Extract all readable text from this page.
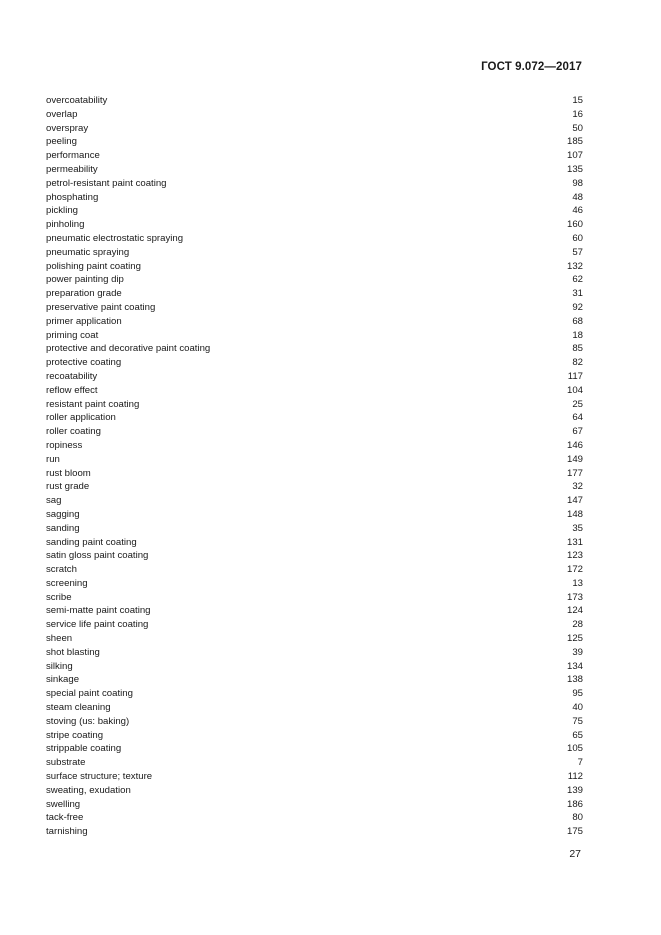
ГОСТ 9.072—2017
overcoatability	15
overlap	16
overspray	50
peeling	185
performance	107
permeability	135
petrol-resistant paint coating	98
phosphating	48
pickling	46
pinholing	160
pneumatic electrostatic spraying	60
pneumatic spraying	57
polishing paint coating	132
power painting dip	62
preparation grade	31
preservative paint coating	92
primer application	68
priming coat	18
protective and decorative paint coating	85
protective coating	82
recoatability	117
reflow effect	104
resistant paint coating	25
roller application	64
roller coating	67
ropiness	146
run	149
rust bloom	177
rust grade	32
sag	147
sagging	148
sanding	35
sanding paint coating	131
satin gloss paint coating	123
scratch	172
screening	13
scribe	173
semi-matte paint coating	124
service life paint coating	28
sheen	125
shot blasting	39
silking	134
sinkage	138
special paint coating	95
steam cleaning	40
stoving (us: baking)	75
stripe coating	65
strippable coating	105
substrate	7
surface structure; texture	112
sweating, exudation	139
swelling	186
tack-free	80
tarnishing	175
27
